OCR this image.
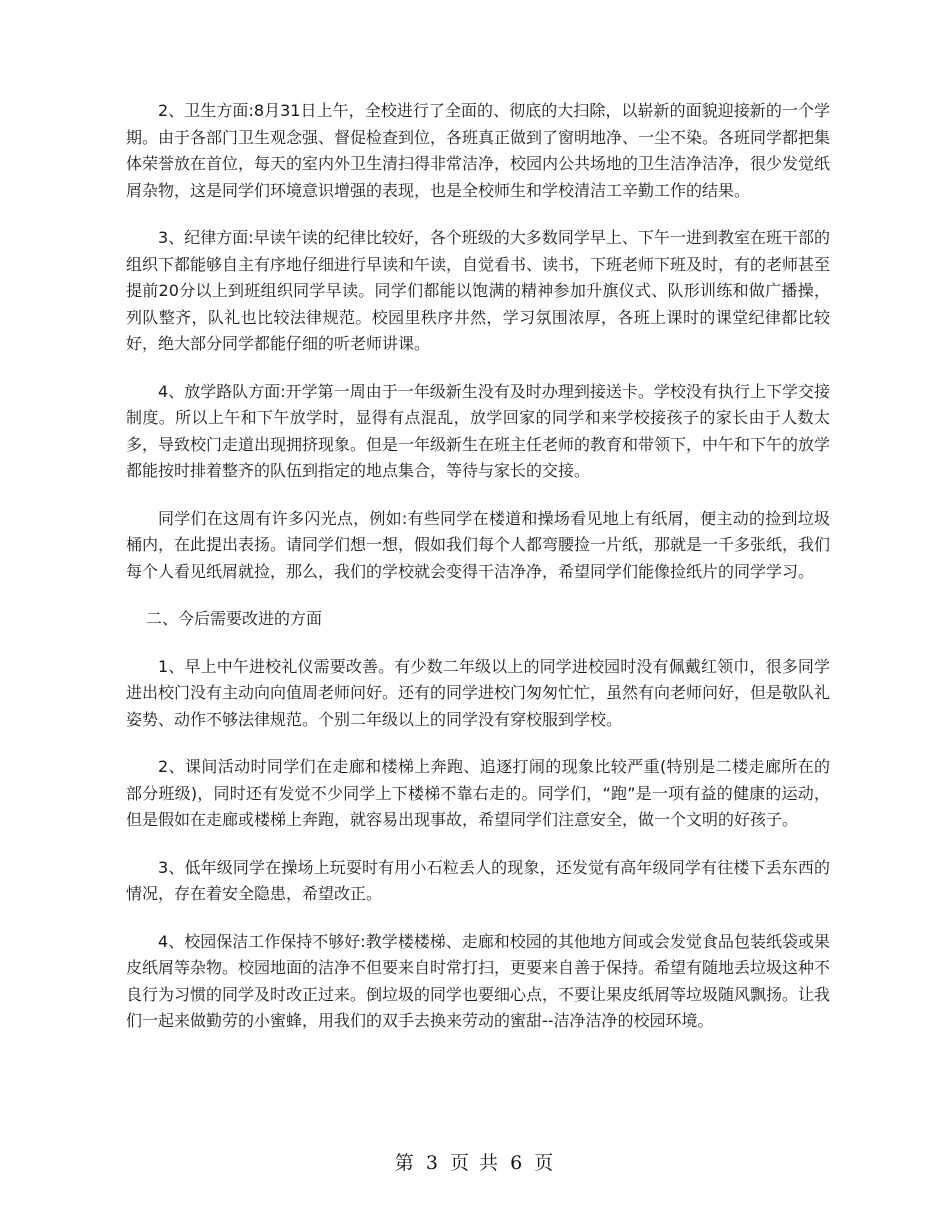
2、卫生方面:8月31日上午，全校进行了全面的、彻底的大扫除，以崭新的面貌迎接新的一个学期。由于各部门卫生观念强、督促检查到位，各班真正做到了窗明地净、一尘不染。各班同学都把集体荣誉放在首位，每天的室内外卫生清扫得非常洁净，校园内公共场地的卫生洁净洁净，很少发觉纸屑杂物，这是同学们环境意识增强的表现，也是全校师生和学校清洁工辛勤工作的结果。

3、纪律方面:早读午读的纪律比较好，各个班级的大多数同学早上、下午一进到教室在班干部的组织下都能够自主有序地仔细进行早读和午读，自觉看书、读书，下班老师下班及时，有的老师甚至提前20分以上到班组织同学早读。同学们都能以饱满的精神参加升旗仪式、队形训练和做广播操，列队整齐，队礼也比较法律规范。校园里秩序井然，学习氛围浓厚，各班上课时的课堂纪律都比较好，绝大部分同学都能仔细的听老师讲课。

4、放学路队方面:开学第一周由于一年级新生没有及时办理到接送卡。学校没有执行上下学交接制度。所以上午和下午放学时，显得有点混乱，放学回家的同学和来学校接孩子的家长由于人数太多，导致校门走道出现拥挤现象。但是一年级新生在班主任老师的教育和带领下，中午和下午的放学都能按时排着整齐的队伍到指定的地点集合，等待与家长的交接。

同学们在这周有许多闪光点，例如:有些同学在楼道和操场看见地上有纸屑，便主动的捡到垃圾桶内，在此提出表扬。请同学们想一想，假如我们每个人都弯腰捡一片纸，那就是一千多张纸，我们每个人看见纸屑就捡，那么，我们的学校就会变得干洁净净，希望同学们能像捡纸片的同学学习。

二、今后需要改进的方面

1、早上中午进校礼仪需要改善。有少数二年级以上的同学进校园时没有佩戴红领巾，很多同学进出校门没有主动向向值周老师问好。还有的同学进校门匆匆忙忙，虽然有向老师问好，但是敬队礼姿势、动作不够法律规范。个别二年级以上的同学没有穿校服到学校。

2、课间活动时同学们在走廊和楼梯上奔跑、追逐打闹的现象比较严重(特别是二楼走廊所在的部分班级)，同时还有发觉不少同学上下楼梯不靠右走的。同学们，“跑”是一项有益的健康的运动，但是假如在走廊或楼梯上奔跑，就容易出现事故，希望同学们注意安全，做一个文明的好孩子。

3、低年级同学在操场上玩耍时有用小石粒丢人的现象，还发觉有高年级同学有往楼下丢东西的情况，存在着安全隐患，希望改正。

4、校园保洁工作保持不够好:教学楼楼梯、走廊和校园的其他地方间或会发觉食品包装纸袋或果皮纸屑等杂物。校园地面的洁净不但要来自时常打扫，更要来自善于保持。希望有随地丢垃圾这种不良行为习惯的同学及时改正过来。倒垃圾的同学也要细心点，不要让果皮纸屑等垃圾随风飘扬。让我们一起来做勤劳的小蜜蜂，用我们的双手去换来劳动的蜜甜--洁净洁净的校园环境。

第 3 页 共 6 页
